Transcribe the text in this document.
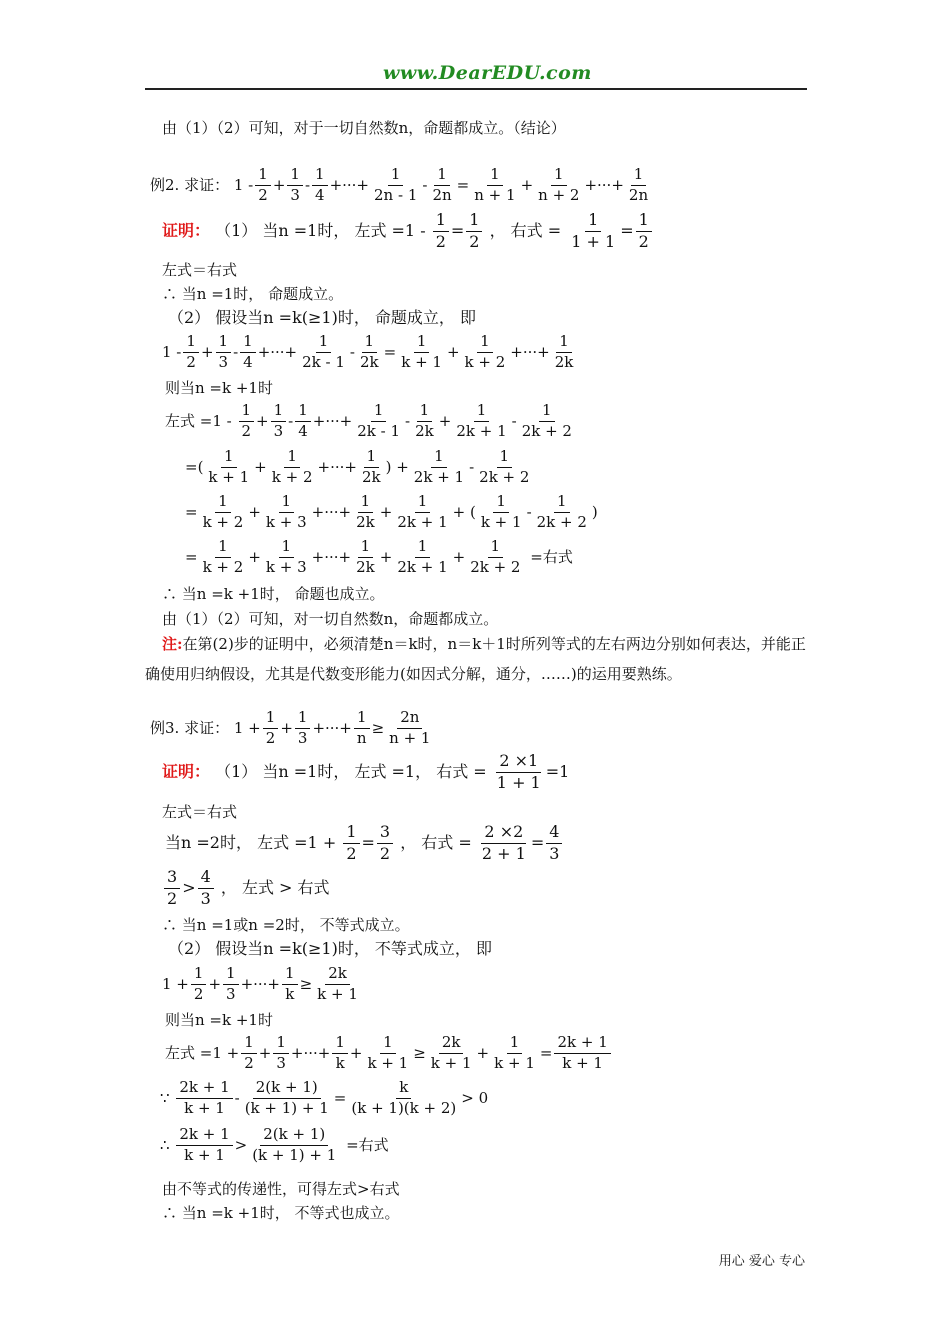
www.DearEDU.com
由（1）（2）可知，对于一切自然数n，命题都成立。（结论）
例2. 求证： 1 -
1
2
+
1
3
-
1
4
+···+
1
2n - 1
-
1
2n
=
1
n + 1
+
1
n + 2
+···+
1
2n
证明： （1） 当n =1时， 左式 =1 -
1
2
=
1
2
， 右式 =
1
1 + 1
=
1
2
左式＝右式
∴ 当n =1时， 命题成立。
（2） 假设当n =k(≥1)时， 命题成立， 即
1 -
1
2
+
1
3
-
1
4
+···+
1
2k - 1
-
1
2k
=
1
k + 1
+
1
k + 2
+···+
1
2k
则当n =k +1时
左式 =1 -
1
2
+
1
3
-
1
4
+···+
1
2k - 1
-
1
2k
+
1
2k + 1
-
1
2k + 2
=(
1
k + 1
+
1
k + 2
+···+
1
2k
) +
1
2k + 1
-
1
2k + 2
=
1
k + 2
+
1
k + 3
+···+
1
2k
+
1
2k + 1
+ (
1
k + 1
-
1
2k + 2
)
=
1
k + 2
+
1
k + 3
+···+
1
2k
+
1
2k + 1
+
1
2k + 2
=右式
∴ 当n =k +1时， 命题也成立。
由（1）（2）可知，对一切自然数n，命题都成立。
注:在第(2)步的证明中，必须清楚n＝k时，n＝k＋1时所列等式的左右两边分别如何表达，并能正确使用归纳假设，尤其是代数变形能力(如因式分解，通分，……)的运用要熟练。
例3. 求证： 1 +
1
2
+
1
3
+···+
1
n
≥
2n
n + 1
证明： （1） 当n =1时， 左式 =1， 右式 =
2 ×1
1 + 1
=1
左式＝右式
当n =2时， 左式 =1 +
1
2
=
3
2
， 右式 =
2 ×2
2 + 1
=
4
3
3
2
>
4
3
， 左式 > 右式
∴ 当n =1或n =2时， 不等式成立。
（2） 假设当n =k(≥1)时， 不等式成立， 即
1 +
1
2
+
1
3
+···+
1
k
≥
2k
k + 1
则当n =k +1时
左式 =1 +
1
2
+
1
3
+···+
1
k
+
1
k + 1
≥
2k
k + 1
+
1
k + 1
=
2k + 1
k + 1
∵
2k + 1
k + 1
-
2(k + 1)
(k + 1) + 1
=
k
(k + 1)(k + 2)
> 0
∴
2k + 1
k + 1
>
2(k + 1)
(k + 1) + 1
=右式
由不等式的传递性，可得左式>右式
∴ 当n =k +1时， 不等式也成立。
用心 爱心 专心
